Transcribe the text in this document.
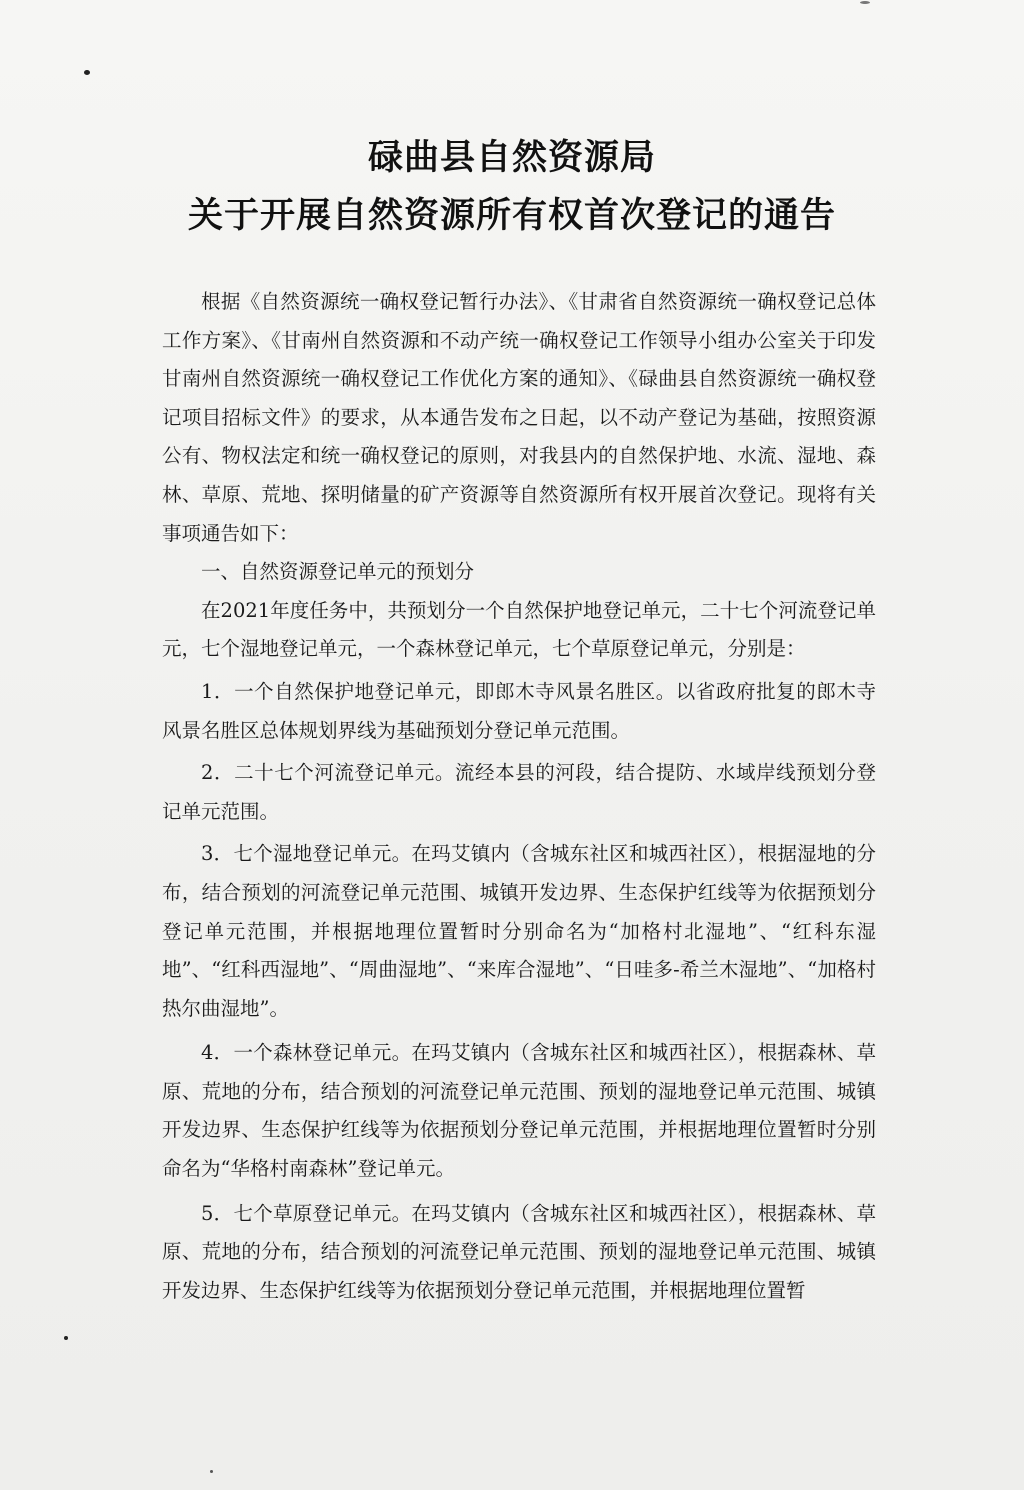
碌曲县自然资源局
关于开展自然资源所有权首次登记的通告

根据《自然资源统一确权登记暂行办法》、《甘肃省自然资源统一确权登记总体工作方案》、《甘南州自然资源和不动产统一确权登记工作领导小组办公室关于印发甘南州自然资源统一确权登记工作优化方案的通知》、《碌曲县自然资源统一确权登记项目招标文件》的要求，从本通告发布之日起，以不动产登记为基础，按照资源公有、物权法定和统一确权登记的原则，对我县内的自然保护地、水流、湿地、森林、草原、荒地、探明储量的矿产资源等自然资源所有权开展首次登记。现将有关事项通告如下：

一、自然资源登记单元的预划分

在2021年度任务中，共预划分一个自然保护地登记单元，二十七个河流登记单元，七个湿地登记单元，一个森林登记单元，七个草原登记单元，分别是：

1．一个自然保护地登记单元，即郎木寺风景名胜区。以省政府批复的郎木寺风景名胜区总体规划界线为基础预划分登记单元范围。

2．二十七个河流登记单元。流经本县的河段，结合提防、水域岸线预划分登记单元范围。

3．七个湿地登记单元。在玛艾镇内（含城东社区和城西社区），根据湿地的分布，结合预划的河流登记单元范围、城镇开发边界、生态保护红线等为依据预划分登记单元范围，并根据地理位置暂时分别命名为“加格村北湿地”、“红科东湿地”、“红科西湿地”、“周曲湿地”、“来库合湿地”、“日哇多-希兰木湿地”、“加格村热尔曲湿地”。

4．一个森林登记单元。在玛艾镇内（含城东社区和城西社区），根据森林、草原、荒地的分布，结合预划的河流登记单元范围、预划的湿地登记单元范围、城镇开发边界、生态保护红线等为依据预划分登记单元范围，并根据地理位置暂时分别命名为“华格村南森林”登记单元。

5．七个草原登记单元。在玛艾镇内（含城东社区和城西社区），根据森林、草原、荒地的分布，结合预划的河流登记单元范围、预划的湿地登记单元范围、城镇开发边界、生态保护红线等为依据预划分登记单元范围，并根据地理位置暂
